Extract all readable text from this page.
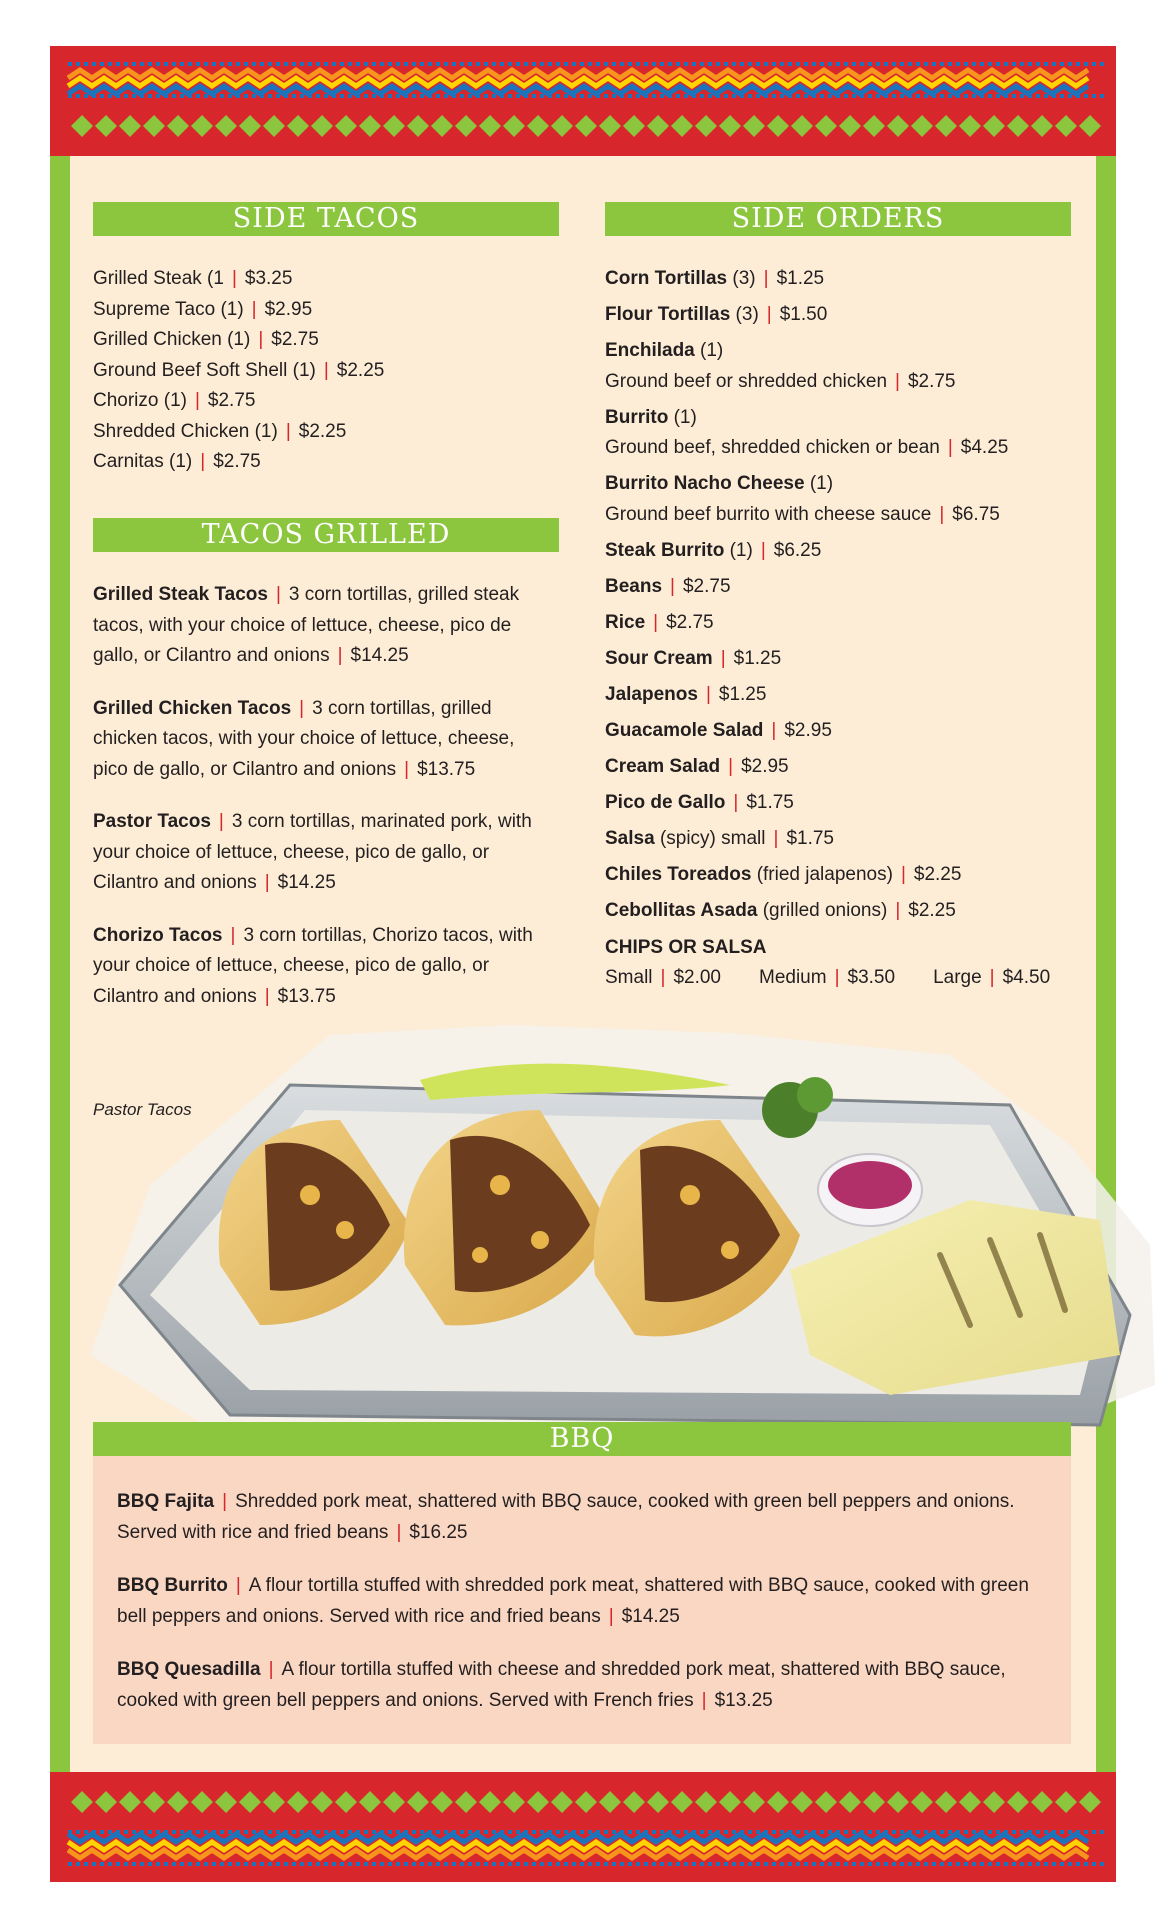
SIDE TACOS
Grilled Steak (1 | $3.25
Supreme Taco (1) | $2.95
Grilled Chicken (1) | $2.75
Ground Beef Soft Shell (1) | $2.25
Chorizo (1) | $2.75
Shredded Chicken (1) | $2.25
Carnitas (1) | $2.75
TACOS GRILLED
Grilled Steak Tacos | 3 corn tortillas, grilled steak tacos, with your choice of lettuce, cheese, pico de gallo, or Cilantro and onions | $14.25
Grilled Chicken Tacos | 3 corn tortillas, grilled chicken tacos, with your choice of lettuce, cheese, pico de gallo, or Cilantro and onions | $13.75
Pastor Tacos | 3 corn tortillas, marinated pork, with your choice of lettuce, cheese, pico de gallo, or Cilantro and onions | $14.25
Chorizo Tacos | 3 corn tortillas, Chorizo tacos, with your choice of lettuce, cheese, pico de gallo, or Cilantro and onions | $13.75
SIDE ORDERS
Corn Tortillas (3) | $1.25
Flour Tortillas (3) | $1.50
Enchilada (1)
Ground beef or shredded chicken | $2.75
Burrito (1)
Ground beef, shredded chicken or bean | $4.25
Burrito Nacho Cheese (1)
Ground beef burrito with cheese sauce | $6.75
Steak Burrito (1) | $6.25
Beans | $2.75
Rice | $2.75
Sour Cream | $1.25
Jalapenos | $1.25
Guacamole Salad | $2.95
Cream Salad | $2.95
Pico de Gallo | $1.75
Salsa (spicy) small | $1.75
Chiles Toreados (fried jalapenos) | $2.25
Cebollitas Asada (grilled onions) | $2.25
CHIPS OR SALSA
Small | $2.00 Medium | $3.50 Large | $4.50
Pastor Tacos
BBQ
BBQ Fajita | Shredded pork meat, shattered with BBQ sauce, cooked with green bell peppers and onions. Served with rice and fried beans | $16.25
BBQ Burrito | A flour tortilla stuffed with shredded pork meat, shattered with BBQ sauce, cooked with green bell peppers and onions. Served with rice and fried beans | $14.25
BBQ Quesadilla | A flour tortilla stuffed with cheese and shredded pork meat, shattered with BBQ sauce, cooked with green bell peppers and onions. Served with French fries | $13.25
